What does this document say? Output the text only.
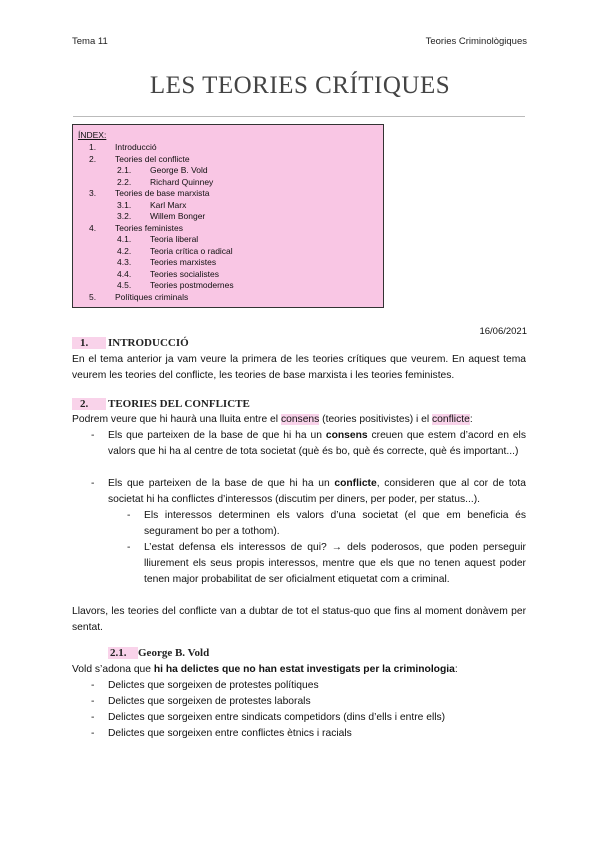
Tema 11	Teories Criminològiques
LES TEORIES CRÍTIQUES
ÍNDEX:
1. Introducció
2. Teories del conflicte
2.1. George B. Vold
2.2. Richard Quinney
3. Teories de base marxista
3.1. Karl Marx
3.2. Willem Bonger
4. Teories feministes
4.1. Teoria liberal
4.2. Teoria crítica o radical
4.3. Teories marxistes
4.4. Teories socialistes
4.5. Teories postmodernes
5. Polítiques criminals
16/06/2021
1. INTRODUCCIÓ
En el tema anterior ja vam veure la primera de les teories crítiques que veurem. En aquest tema veurem les teories del conflicte, les teories de base marxista i les teories feministes.
2. TEORIES DEL CONFLICTE
Podrem veure que hi haurà una lluita entre el consens (teories positivistes) i el conflicte:
- Els que parteixen de la base de que hi ha un consens creuen que estem d’acord en els valors que hi ha al centre de tota societat (què és bo, què és correcte, què és important...)
- Els que parteixen de la base de que hi ha un conflicte, consideren que al cor de tota societat hi ha conflictes d’interessos (discutim per diners, per poder, per status...).
- Els interessos determinen els valors d’una societat (el que em beneficia és segurament bo per a tothom).
- L’estat defensa els interessos de qui? → dels poderosos, que poden perseguir lliurement els seus propis interessos, mentre que els que no tenen aquest poder tenen major probabilitat de ser oficialment etiquetat com a criminal.
Llavors, les teories del conflicte van a dubtar de tot el status-quo que fins al moment donàvem per sentat.
2.1. George B. Vold
Vold s’adona que hi ha delictes que no han estat investigats per la criminologia:
- Delictes que sorgeixen de protestes polítiques
- Delictes que sorgeixen de protestes laborals
- Delictes que sorgeixen entre sindicats competidors (dins d’ells i entre ells)
- Delictes que sorgeixen entre conflictes ètnics i racials
